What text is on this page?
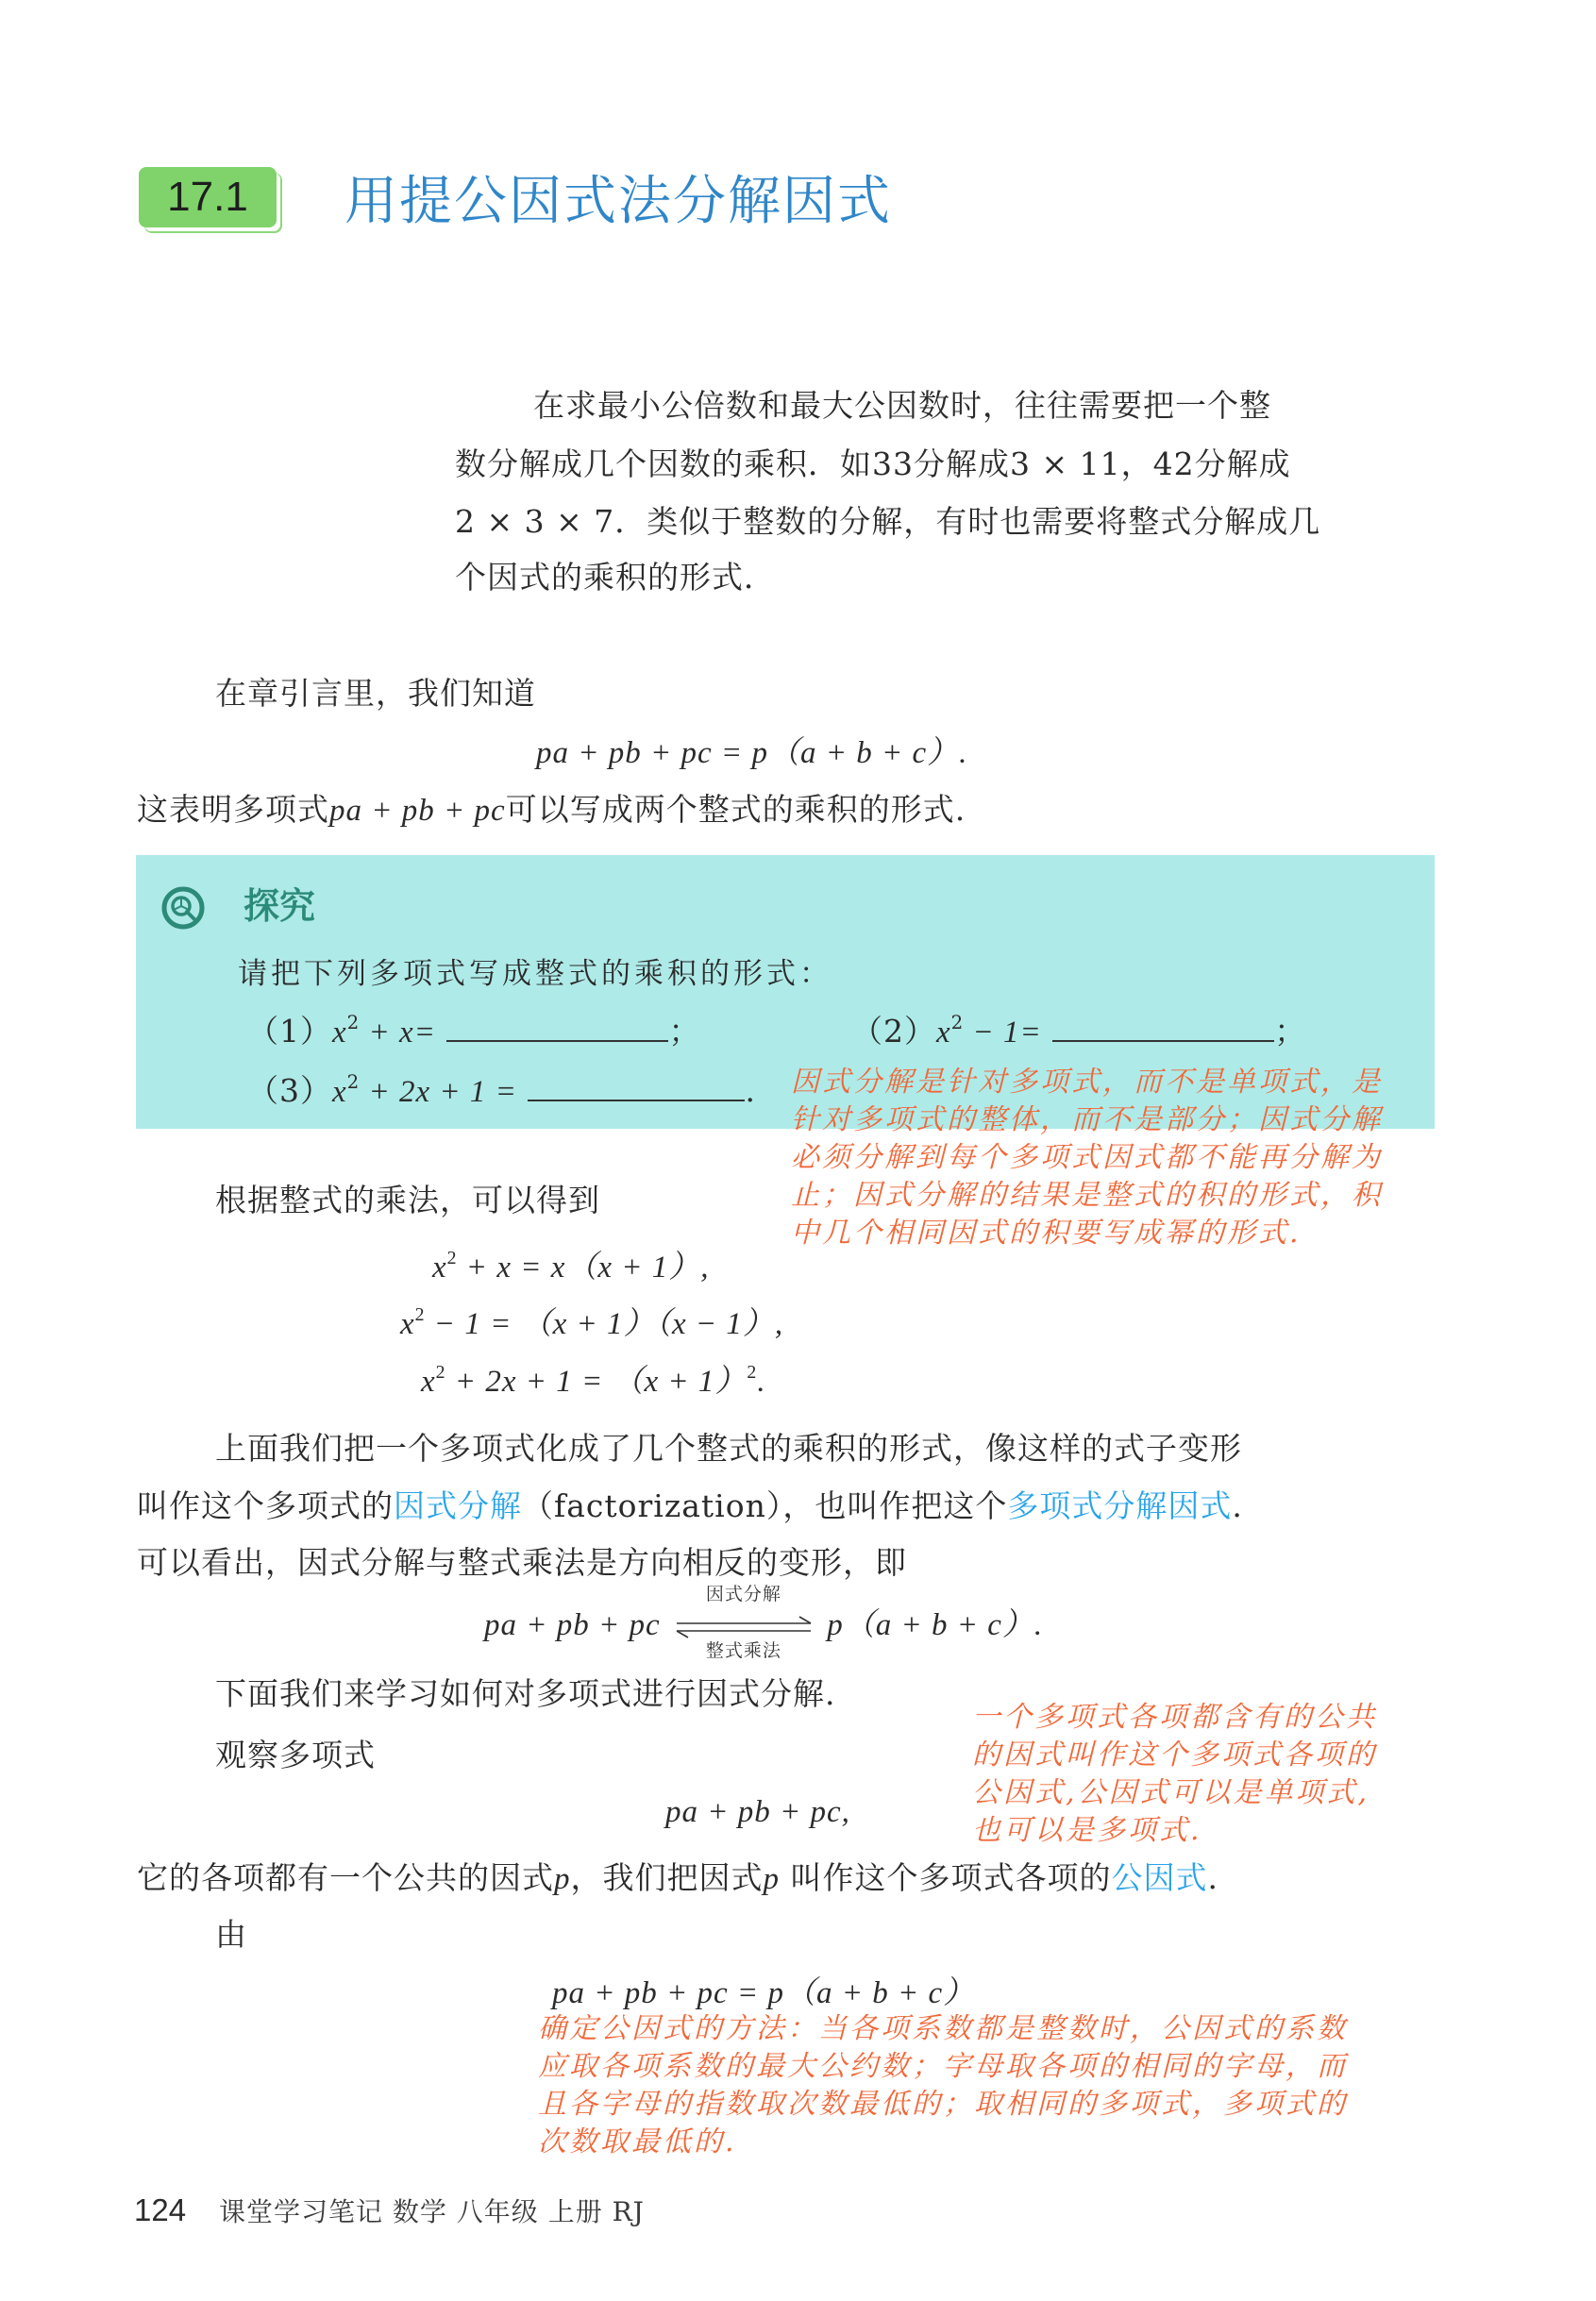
17.1	用提公因式法分解因式
在求最小公倍数和最大公因数时，往往需要把一个整
数分解成几个因数的乘积．如33分解成3 × 11，42分解成
2 × 3 × 7．类似于整数的分解，有时也需要将整式分解成几
个因式的乘积的形式．
在章引言里，我们知道
pa + pb + pc = p（a + b + c）.
这表明多项式pa + pb + pc可以写成两个整式的乘积的形式.
探究
请把下列多项式写成整式的乘积的形式：
$(1)x^2 + x=$	；	$(2)x^2 - 1=$	；
$(3)x^2 + 2x + 1$ =	. 因式分解是针对多项式，而不是单项式，是
针对多项式的整体，而不是部分；因式分解
必须分解到每个多项式因式都不能再分解为
止；因式分解的结果是整式的积的形式，积
中几个相同因式的积要写成幂的形式.
根据整式的乘法，可以得到
$x^2 + x = x(x + 1)$,
$x^2 - 1 = (x + 1)(x - 1)$,
$x^2 + 2x + 1 = (x + 1)^2$.
上面我们把一个多项式化成了几个整式的乘积的形式，像这样的式子变形
叫作这个多项式的因式分解（factorization），也叫作把这个多项式分解因式.
可以看出，因式分解与整式乘法是方向相反的变形，即
pa + pb + pc
因式分解
整式乘法
p（a + b + c）.
下面我们来学习如何对多项式进行因式分解.
观察多项式
pa + pb + pc,
一个多项式各项都含有的公共
的因式叫作这个多项式各项的
公因式,公因式可以是单项式,
也可以是多项式.
它的各项都有一个公共的因式p，我们把因式p 叫作这个多项式各项的公因式.
由
pa + pb + pc = p（a + b + c）
确定公因式的方法：当各项系数都是整数时，公因式的系数
应取各项系数的最大公约数；字母取各项的相同的字母，而
且各字母的指数取次数最低的；取相同的多项式，多项式的
次数取最低的.
124 课堂学习笔记 数学 八年级 上册 RJ
